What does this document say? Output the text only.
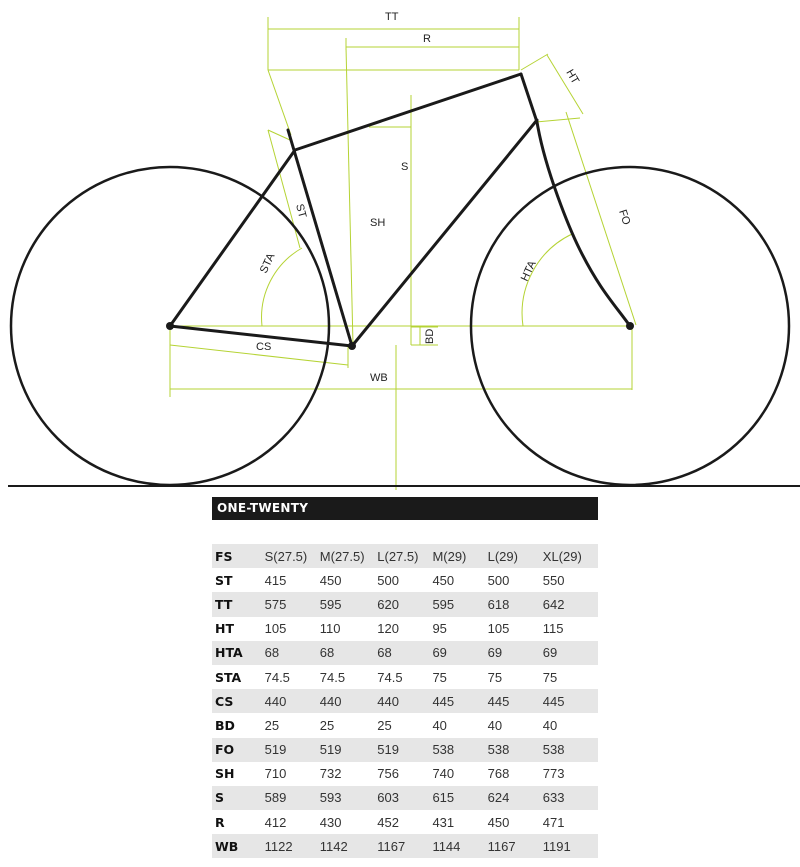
TT
R
HT
S
SH
ST
STA	HTA
FO
BD
CS
WB
ONE-TWENTY
FS	S(27.5)	M(27.5)	L(27.5)	M(29)	L(29)	XL(29)
ST	415	450	500	450	500	550
TT	575	595	620	595	618	642
HT	105	110	120	95	105	115
HTA	68	68	68	69	69	69
STA	74.5	74.5	74.5	75	75	75
CS	440	440	440	445	445	445
BD	25	25	25	40	40	40
FO	519	519	519	538	538	538
SH	710	732	756	740	768	773
S	589	593	603	615	624	633
R	412	430	452	431	450	471
WB	1122	1142	1167	1144	1167	1191
